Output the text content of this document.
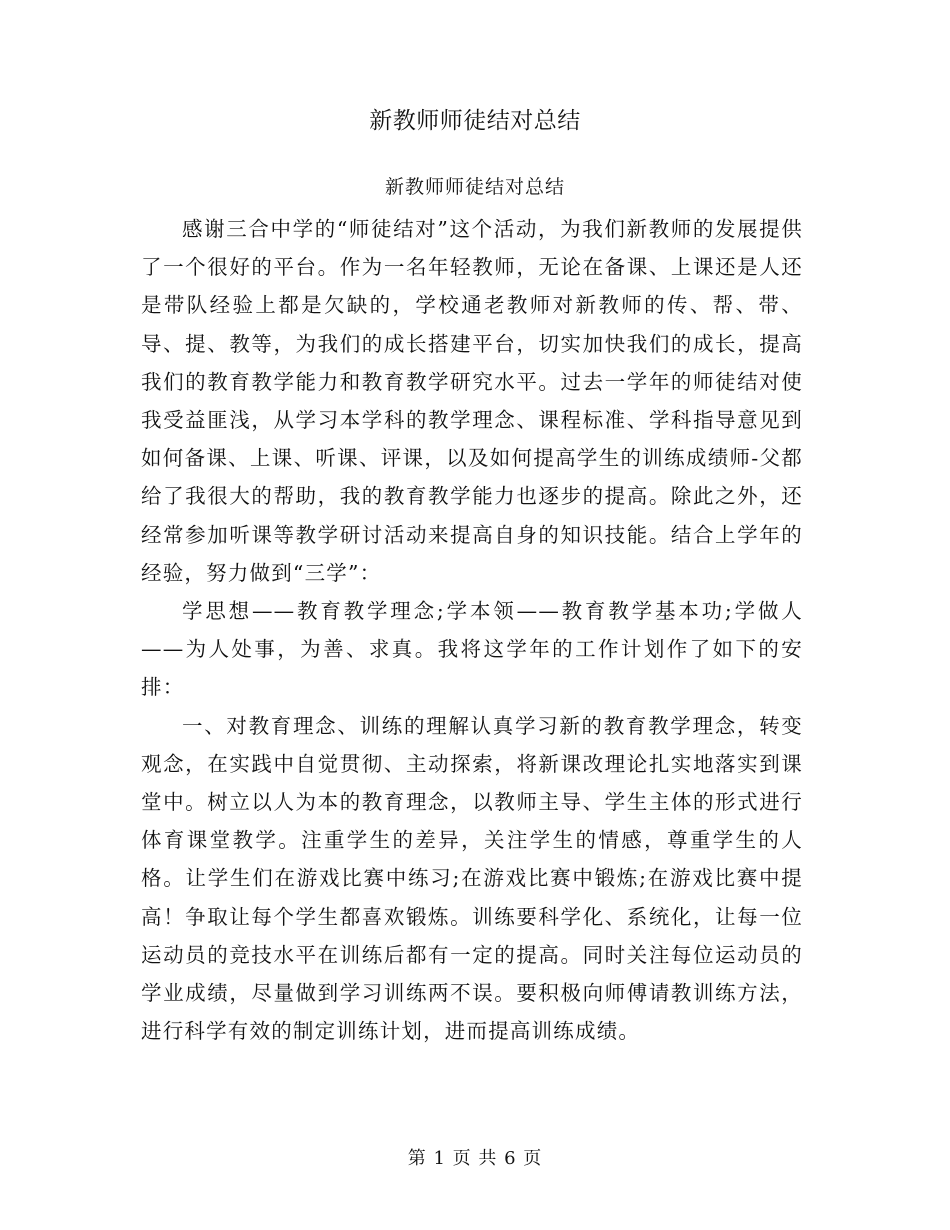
新教师师徒结对总结
新教师师徒结对总结

感谢三合中学的“师徒结对”这个活动，为我们新教师的发展提供了一个很好的平台。作为一名年轻教师，无论在备课、上课还是人还是带队经验上都是欠缺的，学校通老教师对新教师的传、帮、带、导、提、教等，为我们的成长搭建平台，切实加快我们的成长，提高我们的教育教学能力和教育教学研究水平。过去一学年的师徒结对使我受益匪浅，从学习本学科的教学理念、课程标准、学科指导意见到如何备课、上课、听课、评课，以及如何提高学生的训练成绩师-父都给了我很大的帮助，我的教育教学能力也逐步的提高。除此之外，还经常参加听课等教学研讨活动来提高自身的知识技能。结合上学年的经验，努力做到“三学”：

学思想——教育教学理念;学本领——教育教学基本功;学做人——为人处事，为善、求真。我将这学年的工作计划作了如下的安排：

一、对教育理念、训练的理解认真学习新的教育教学理念，转变观念，在实践中自觉贯彻、主动探索，将新课改理论扎实地落实到课堂中。树立以人为本的教育理念，以教师主导、学生主体的形式进行体育课堂教学。注重学生的差异，关注学生的情感，尊重学生的人格。让学生们在游戏比赛中练习;在游戏比赛中锻炼;在游戏比赛中提高！争取让每个学生都喜欢锻炼。训练要科学化、系统化，让每一位运动员的竞技水平在训练后都有一定的提高。同时关注每位运动员的学业成绩，尽量做到学习训练两不误。要积极向师傅请教训练方法，进行科学有效的制定训练计划，进而提高训练成绩。

第 1 页 共 6 页
